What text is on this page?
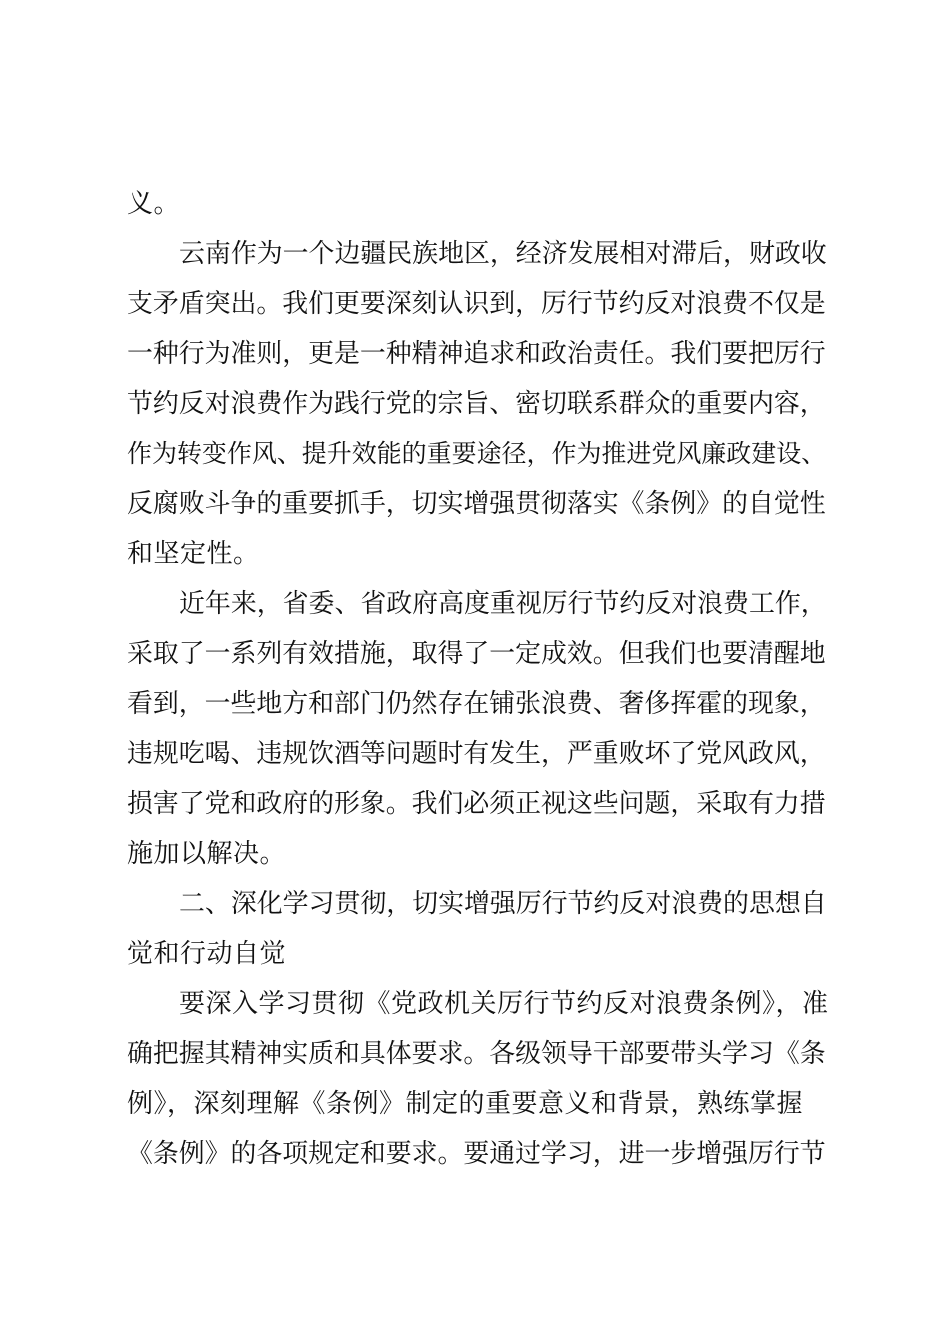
义。
云南作为一个边疆民族地区，经济发展相对滞后，财政收
支矛盾突出。我们更要深刻认识到，厉行节约反对浪费不仅是
一种行为准则，更是一种精神追求和政治责任。我们要把厉行
节约反对浪费作为践行党的宗旨、密切联系群众的重要内容，
作为转变作风、提升效能的重要途径，作为推进党风廉政建设、
反腐败斗争的重要抓手，切实增强贯彻落实《条例》的自觉性
和坚定性。
近年来，省委、省政府高度重视厉行节约反对浪费工作，
采取了一系列有效措施，取得了一定成效。但我们也要清醒地
看到，一些地方和部门仍然存在铺张浪费、奢侈挥霍的现象，
违规吃喝、违规饮酒等问题时有发生，严重败坏了党风政风，
损害了党和政府的形象。我们必须正视这些问题，采取有力措
施加以解决。
二、深化学习贯彻，切实增强厉行节约反对浪费的思想自
觉和行动自觉
要深入学习贯彻《党政机关厉行节约反对浪费条例》，准
确把握其精神实质和具体要求。各级领导干部要带头学习《条
例》，深刻理解《条例》制定的重要意义和背景，熟练掌握
《条例》的各项规定和要求。要通过学习，进一步增强厉行节
